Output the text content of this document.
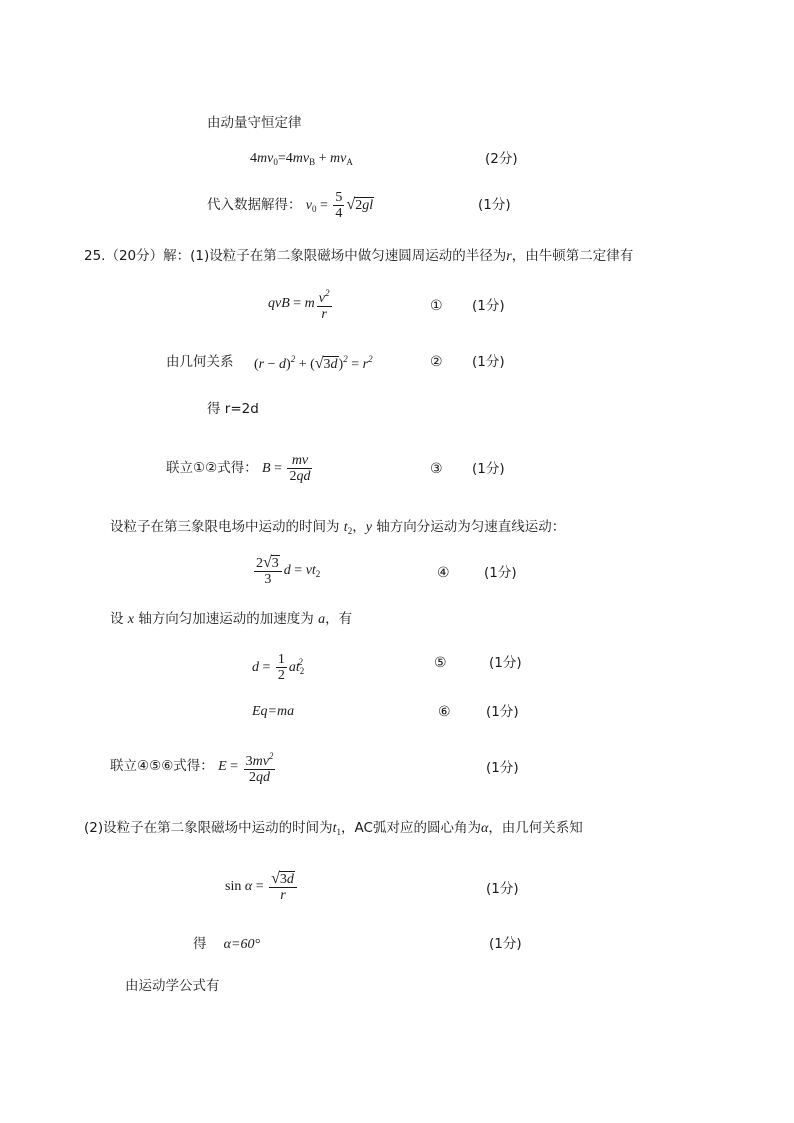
由动量守恒定律
$4mv_0=4mv_B + mv_A$	(2分)
代入数据解得： $v_0 = \frac{5}{4} √2gl$	(1分)
25.（20分）解：(1)设粒子在第二象限磁场中做匀速圆周运动的半径为r，由牛顿第二定律有
qvB = m $\frac{v^2}{r}$	① (1分)
由几何关系 $(r - d)^2 + (√3d)^2 = r^2$	② (1分)
得 r=2d
联立①②式得： $B = \frac{mv}{2qd}$	③ (1分)
设粒子在第三象限电场中运动的时间为 $t_2$，y 轴方向分运动为匀速直线运动：
$\frac{2√3}{3}$ $d = vt_2$	④	(1分)
设 x 轴方向匀加速运动的加速度为 a，有
$d = \frac{1}{2} at_2^2$	⑤	(1分)
Eq=ma	⑥	(1分)
联立④⑤⑥式得： $E = \frac{3mv^2}{2qd}$	(1分)
(2)设粒子在第二象限磁场中运动的时间为$t_1$，AC弧对应的圆心角为α，由几何关系知
$\sin \alpha = \frac{√3d}{r}$	(1分)
得 α=60°	(1分)
由运动学公式有
